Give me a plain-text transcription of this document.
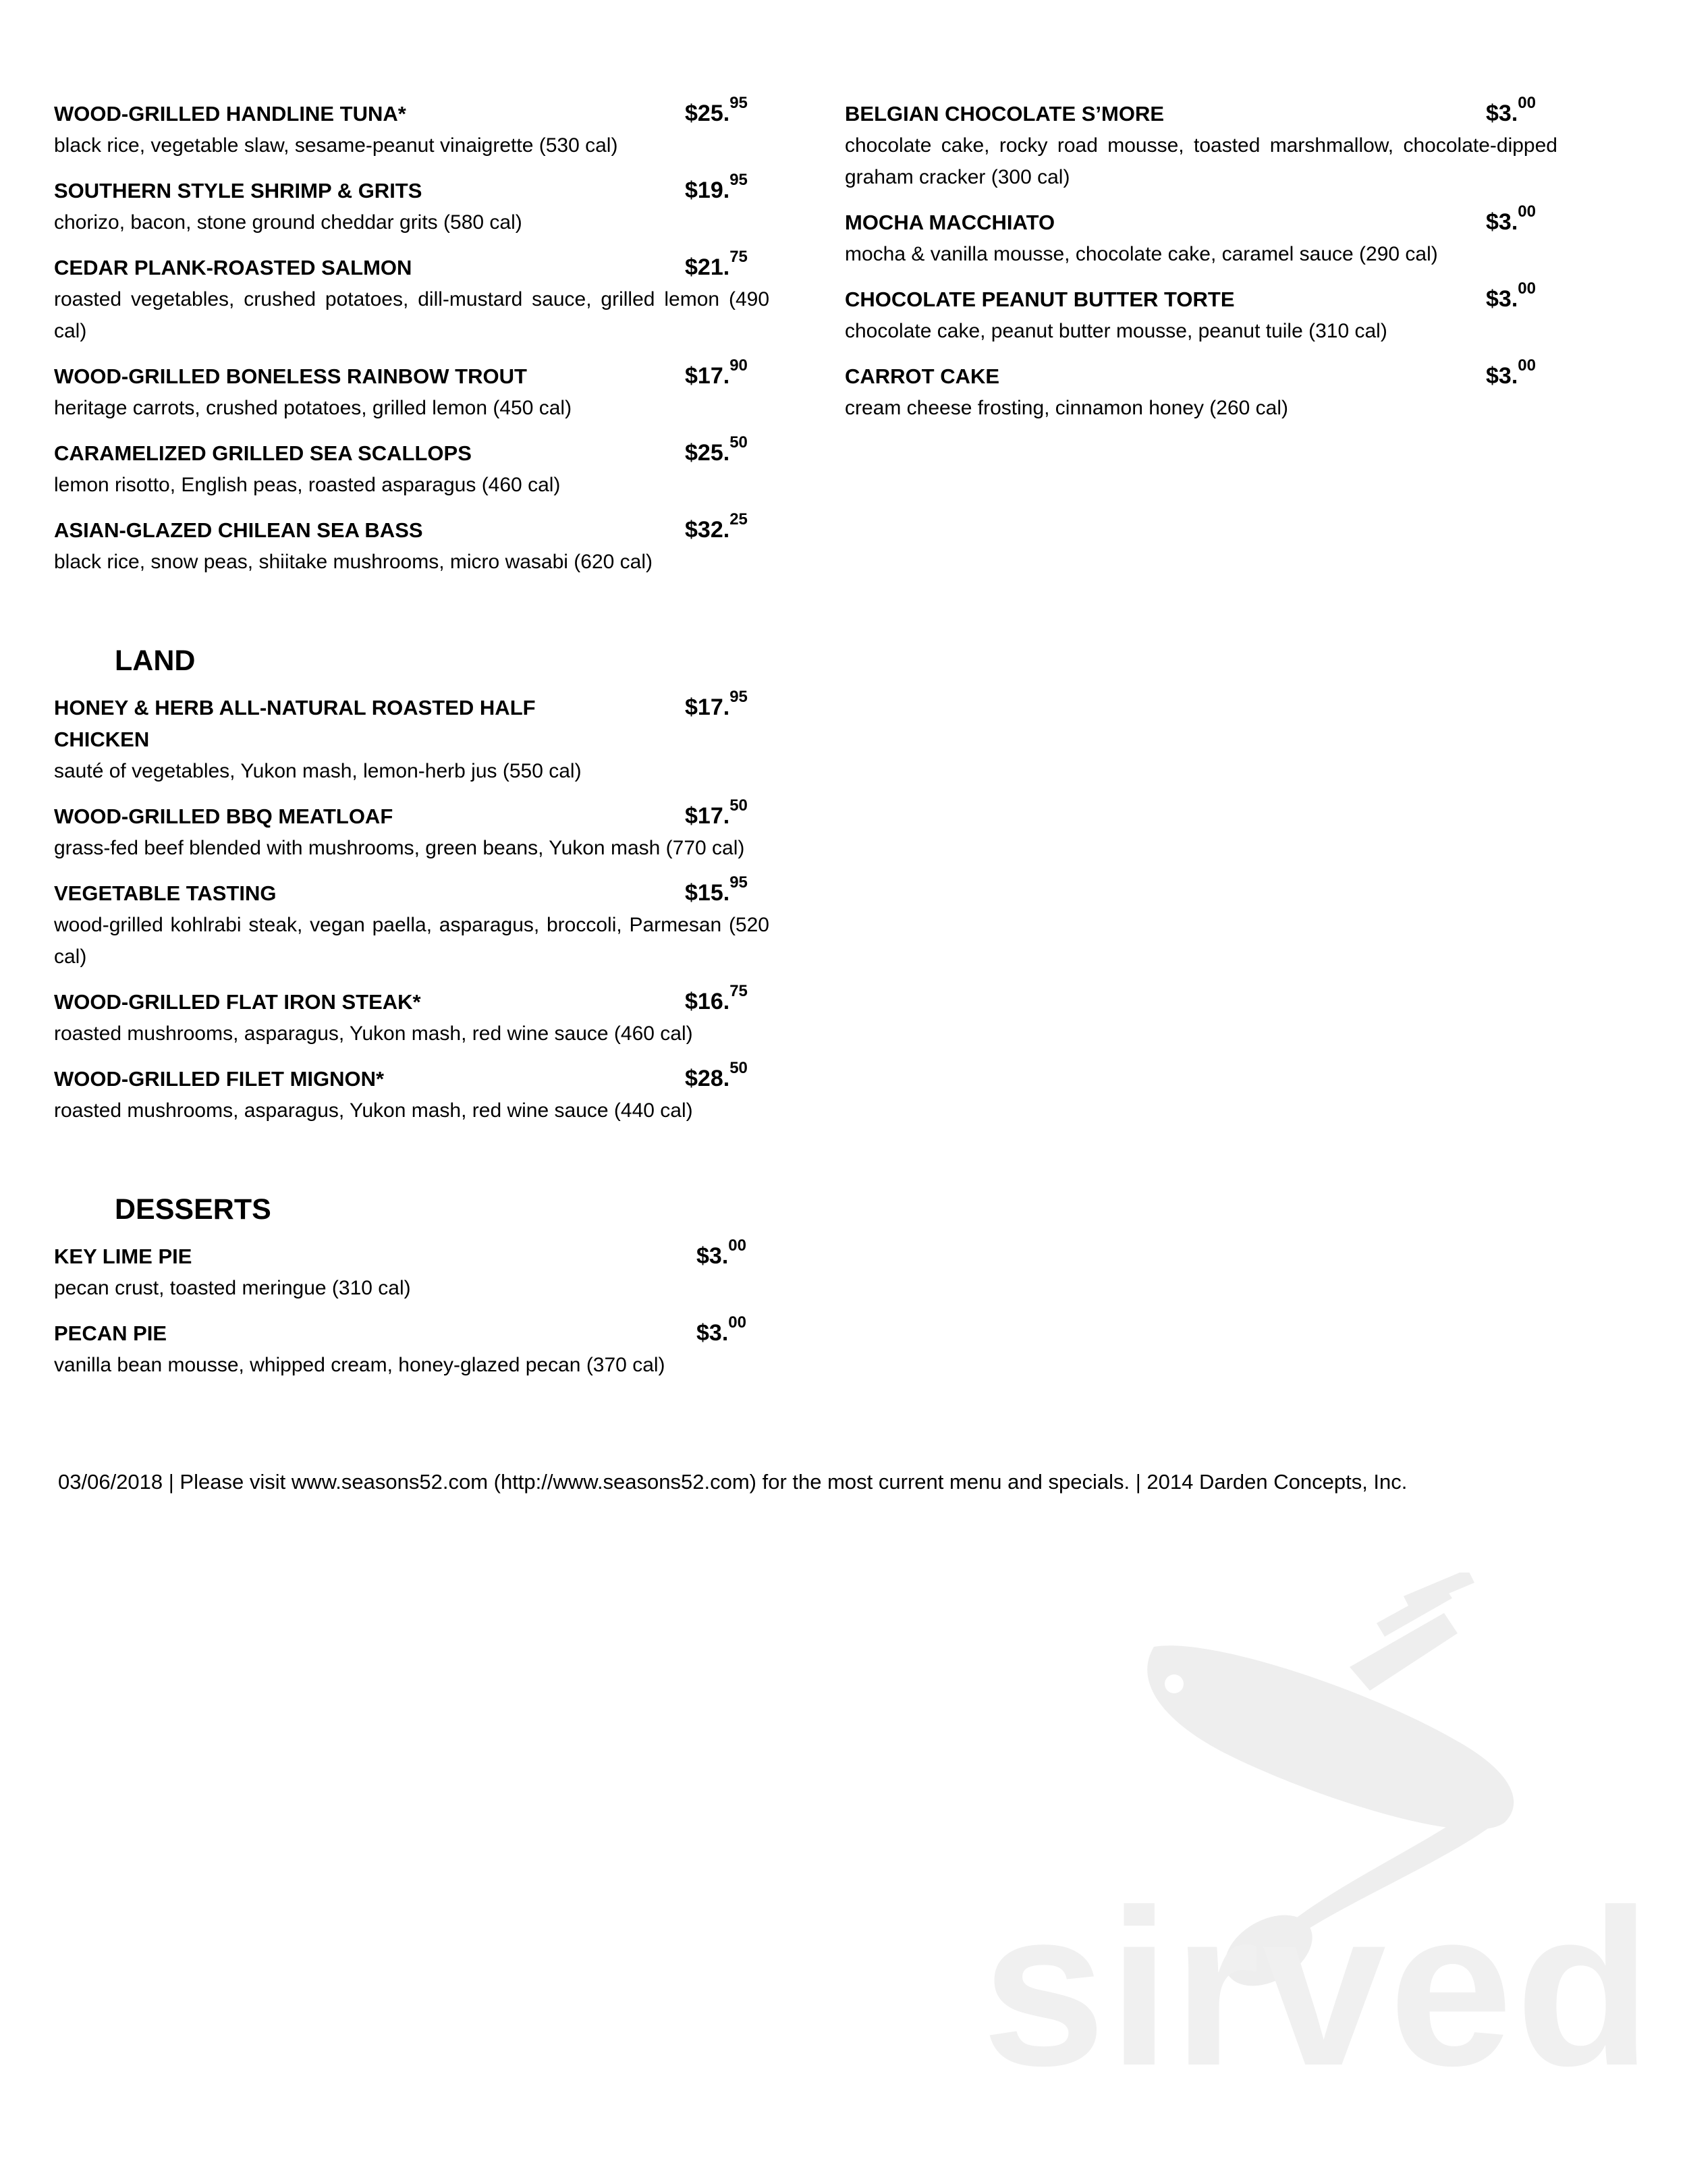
WOOD-GRILLED HANDLINE TUNA*	$25.95
black rice, vegetable slaw, sesame-peanut vinaigrette (530 cal)
SOUTHERN STYLE SHRIMP & GRITS	$19.95
chorizo, bacon, stone ground cheddar grits (580 cal)
CEDAR PLANK-ROASTED SALMON	$21.75
roasted vegetables, crushed potatoes, dill-mustard sauce, grilled lemon (490 cal)
WOOD-GRILLED BONELESS RAINBOW TROUT	$17.90
heritage carrots, crushed potatoes, grilled lemon (450 cal)
CARAMELIZED GRILLED SEA SCALLOPS	$25.50
lemon risotto, English peas, roasted asparagus (460 cal)
ASIAN-GLAZED CHILEAN SEA BASS	$32.25
black rice, snow peas, shiitake mushrooms, micro wasabi (620 cal)
LAND
HONEY & HERB ALL-NATURAL ROASTED HALF CHICKEN
$17.95
sauté of vegetables, Yukon mash, lemon-herb jus (550 cal)
WOOD-GRILLED BBQ MEATLOAF	$17.50
grass-fed beef blended with mushrooms, green beans, Yukon mash (770 cal)
VEGETABLE TASTING	$15.95
wood-grilled kohlrabi steak, vegan paella, asparagus, broccoli, Parmesan (520 cal)
WOOD-GRILLED FLAT IRON STEAK*	$16.75
roasted mushrooms, asparagus, Yukon mash, red wine sauce (460 cal)
WOOD-GRILLED FILET MIGNON*	$28.50
roasted mushrooms, asparagus, Yukon mash, red wine sauce (440 cal)
DESSERTS
KEY LIME PIE	$3.00
pecan crust, toasted meringue (310 cal)
PECAN PIE	$3.00
vanilla bean mousse, whipped cream, honey-glazed pecan (370 cal)
BELGIAN CHOCOLATE S’MORE	$3.00
chocolate cake, rocky road mousse, toasted marshmallow, chocolate-dipped graham cracker (300 cal)
MOCHA MACCHIATO	$3.00
mocha & vanilla mousse, chocolate cake, caramel sauce (290 cal)
CHOCOLATE PEANUT BUTTER TORTE	$3.00
chocolate cake, peanut butter mousse, peanut tuile (310 cal)
CARROT CAKE	$3.00
cream cheese frosting, cinnamon honey (260 cal)
03/06/2018 | Please visit www.seasons52.com (http://www.seasons52.com) for the most current menu and specials. | 2014 Darden Concepts, Inc.
sirved
